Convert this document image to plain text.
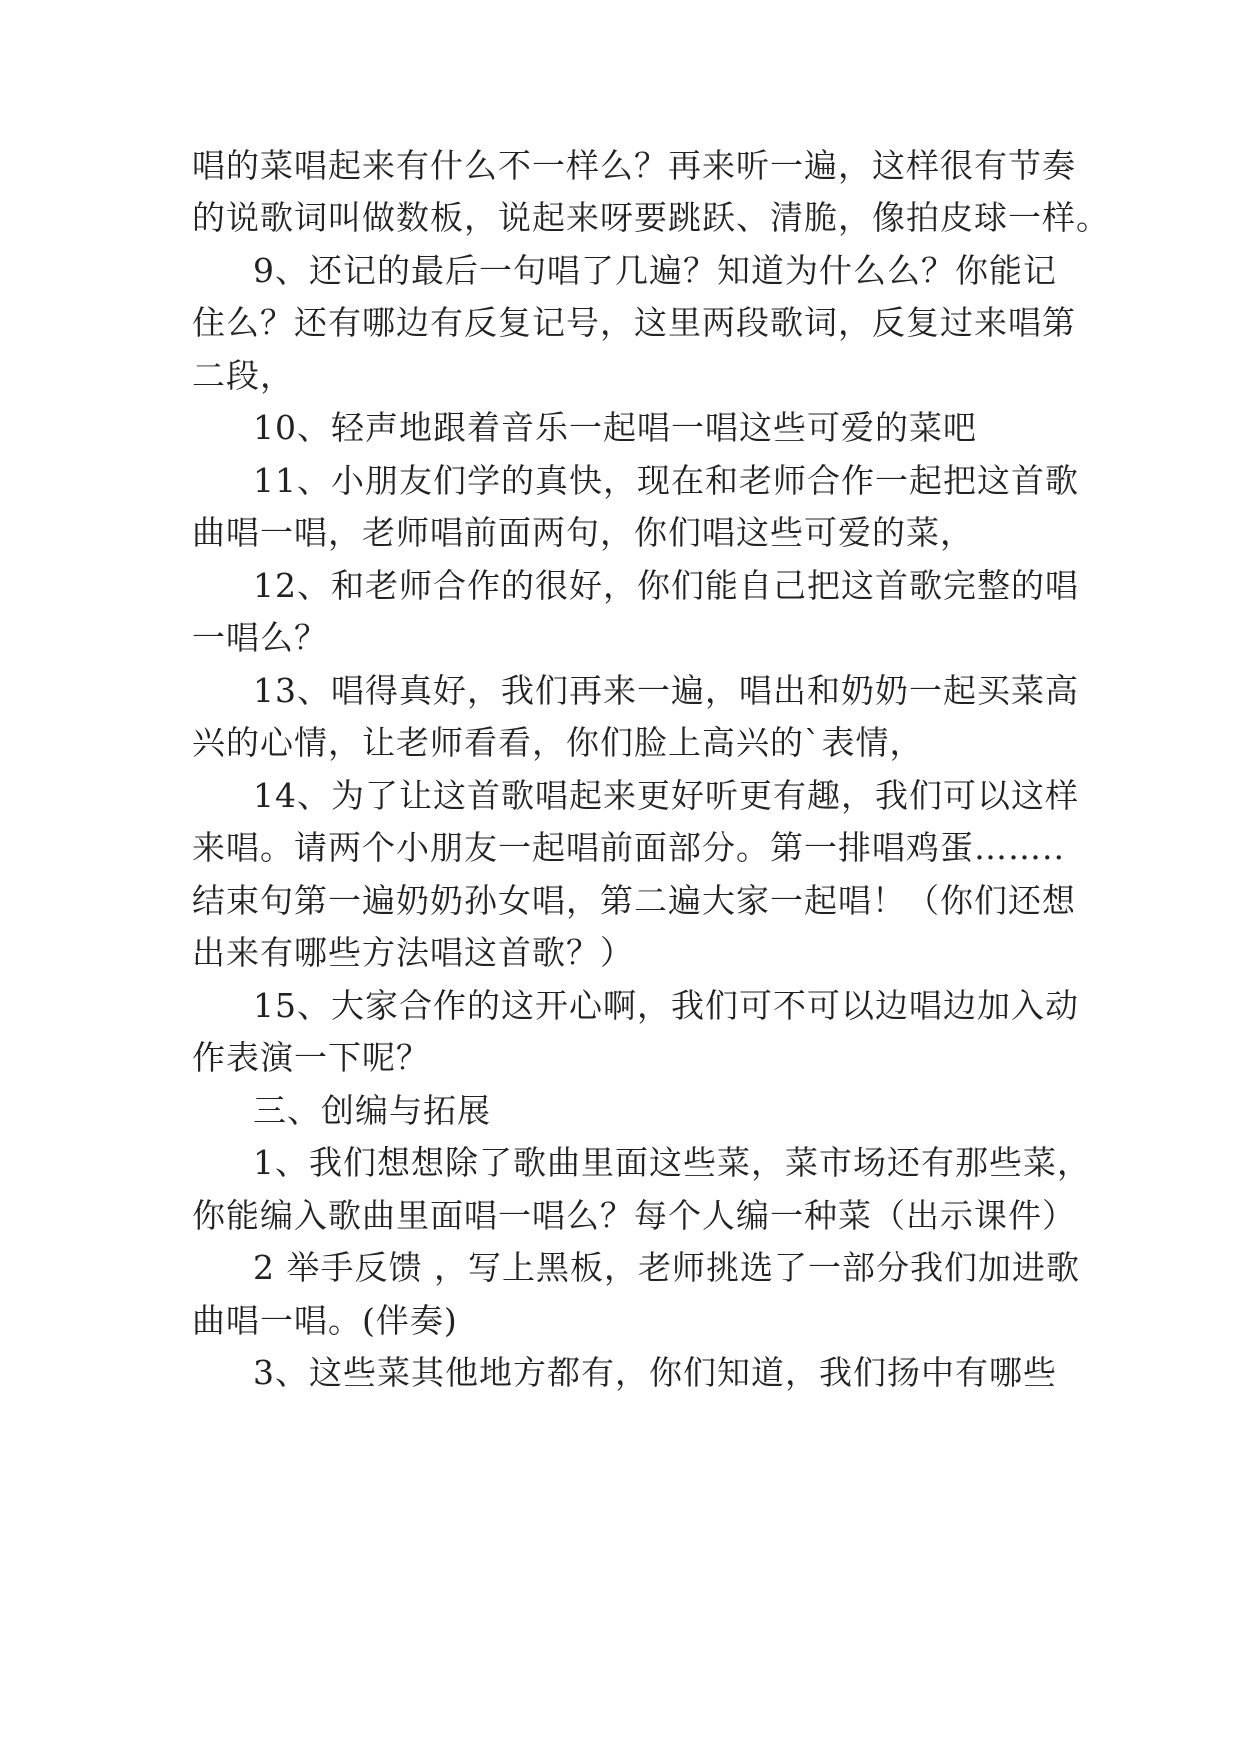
唱的菜唱起来有什么不一样么？再来听一遍，这样很有节奏
的说歌词叫做数板，说起来呀要跳跃、清脆，像拍皮球一样。
9、还记的最后一句唱了几遍？知道为什么么？你能记
住么？还有哪边有反复记号，这里两段歌词，反复过来唱第
二段，
10、轻声地跟着音乐一起唱一唱这些可爱的菜吧
11、小朋友们学的真快，现在和老师合作一起把这首歌
曲唱一唱，老师唱前面两句，你们唱这些可爱的菜，
12、和老师合作的很好，你们能自己把这首歌完整的唱
一唱么？
13、唱得真好，我们再来一遍，唱出和奶奶一起买菜高
兴的心情，让老师看看，你们脸上高兴的`表情，
14、为了让这首歌唱起来更好听更有趣，我们可以这样
来唱。请两个小朋友一起唱前面部分。第一排唱鸡蛋……..
结束句第一遍奶奶孙女唱，第二遍大家一起唱！（你们还想
出来有哪些方法唱这首歌？）
15、大家合作的这开心啊，我们可不可以边唱边加入动
作表演一下呢？
三、创编与拓展
1、我们想想除了歌曲里面这些菜，菜市场还有那些菜，
你能编入歌曲里面唱一唱么？每个人编一种菜（出示课件）
2 举手反馈 ，写上黑板，老师挑选了一部分我们加进歌
曲唱一唱。(伴奏)
3、这些菜其他地方都有，你们知道，我们扬中有哪些
